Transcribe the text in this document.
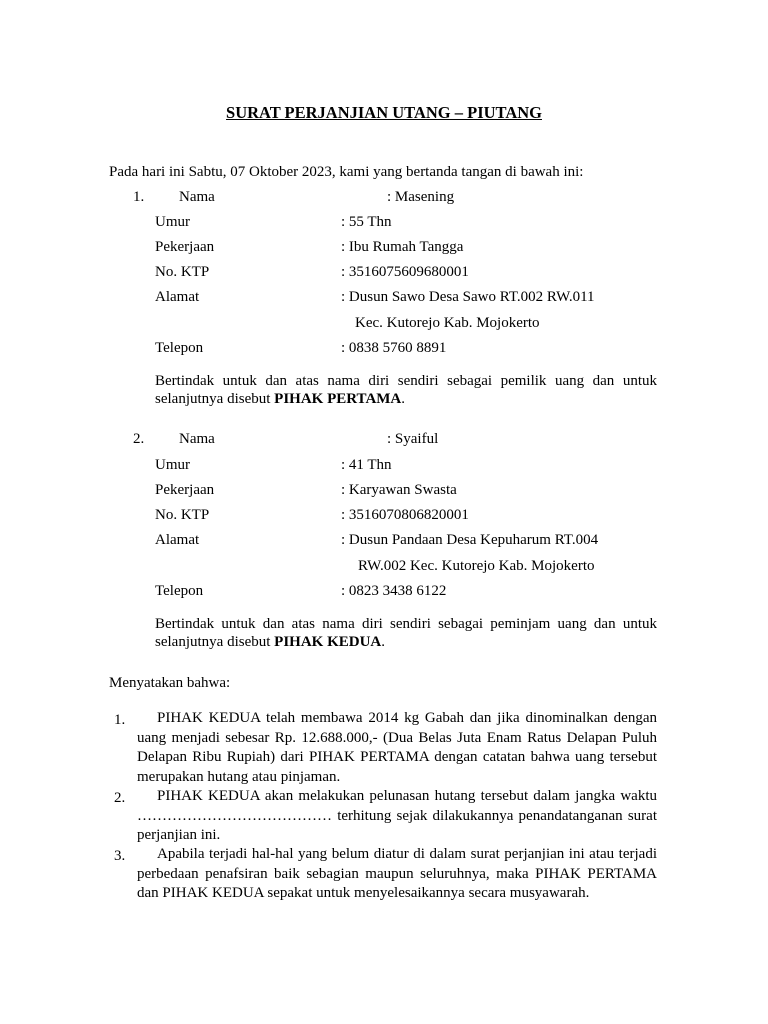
SURAT PERJANJIAN UTANG – PIUTANG
Pada hari ini Sabtu, 07 Oktober 2023, kami yang bertanda tangan di bawah ini:
1. Nama	: Masening
Umur	: 55 Thn
Pekerjaan	: Ibu Rumah Tangga
No. KTP	: 3516075609680001
Alamat	: Dusun Sawo Desa Sawo RT.002 RW.011
Kec. Kutorejo Kab. Mojokerto
Telepon	: 0838 5760 8891
Bertindak untuk dan atas nama diri sendiri sebagai pemilik uang dan untuk selanjutnya disebut PIHAK PERTAMA.
2. Nama	: Syaiful
Umur	: 41 Thn
Pekerjaan	: Karyawan Swasta
No. KTP	: 3516070806820001
Alamat	: Dusun Pandaan Desa Kepuharum RT.004
RW.002 Kec. Kutorejo Kab. Mojokerto
Telepon	: 0823 3438 6122
Bertindak untuk dan atas nama diri sendiri sebagai peminjam uang dan untuk selanjutnya disebut PIHAK KEDUA.
Menyatakan bahwa:
1.	PIHAK KEDUA telah membawa 2014 kg Gabah dan jika dinominalkan dengan uang menjadi sebesar Rp. 12.688.000,- (Dua Belas Juta Enam Ratus Delapan Puluh Delapan Ribu Rupiah) dari PIHAK PERTAMA dengan catatan bahwa uang tersebut merupakan hutang atau pinjaman.
2.	PIHAK KEDUA akan melakukan pelunasan hutang tersebut dalam jangka waktu ………………………………… terhitung sejak dilakukannya penandatanganan surat perjanjian ini.
3.	Apabila terjadi hal-hal yang belum diatur di dalam surat perjanjian ini atau terjadi perbedaan penafsiran baik sebagian maupun seluruhnya, maka PIHAK PERTAMA dan PIHAK KEDUA sepakat untuk menyelesaikannya secara musyawarah.
